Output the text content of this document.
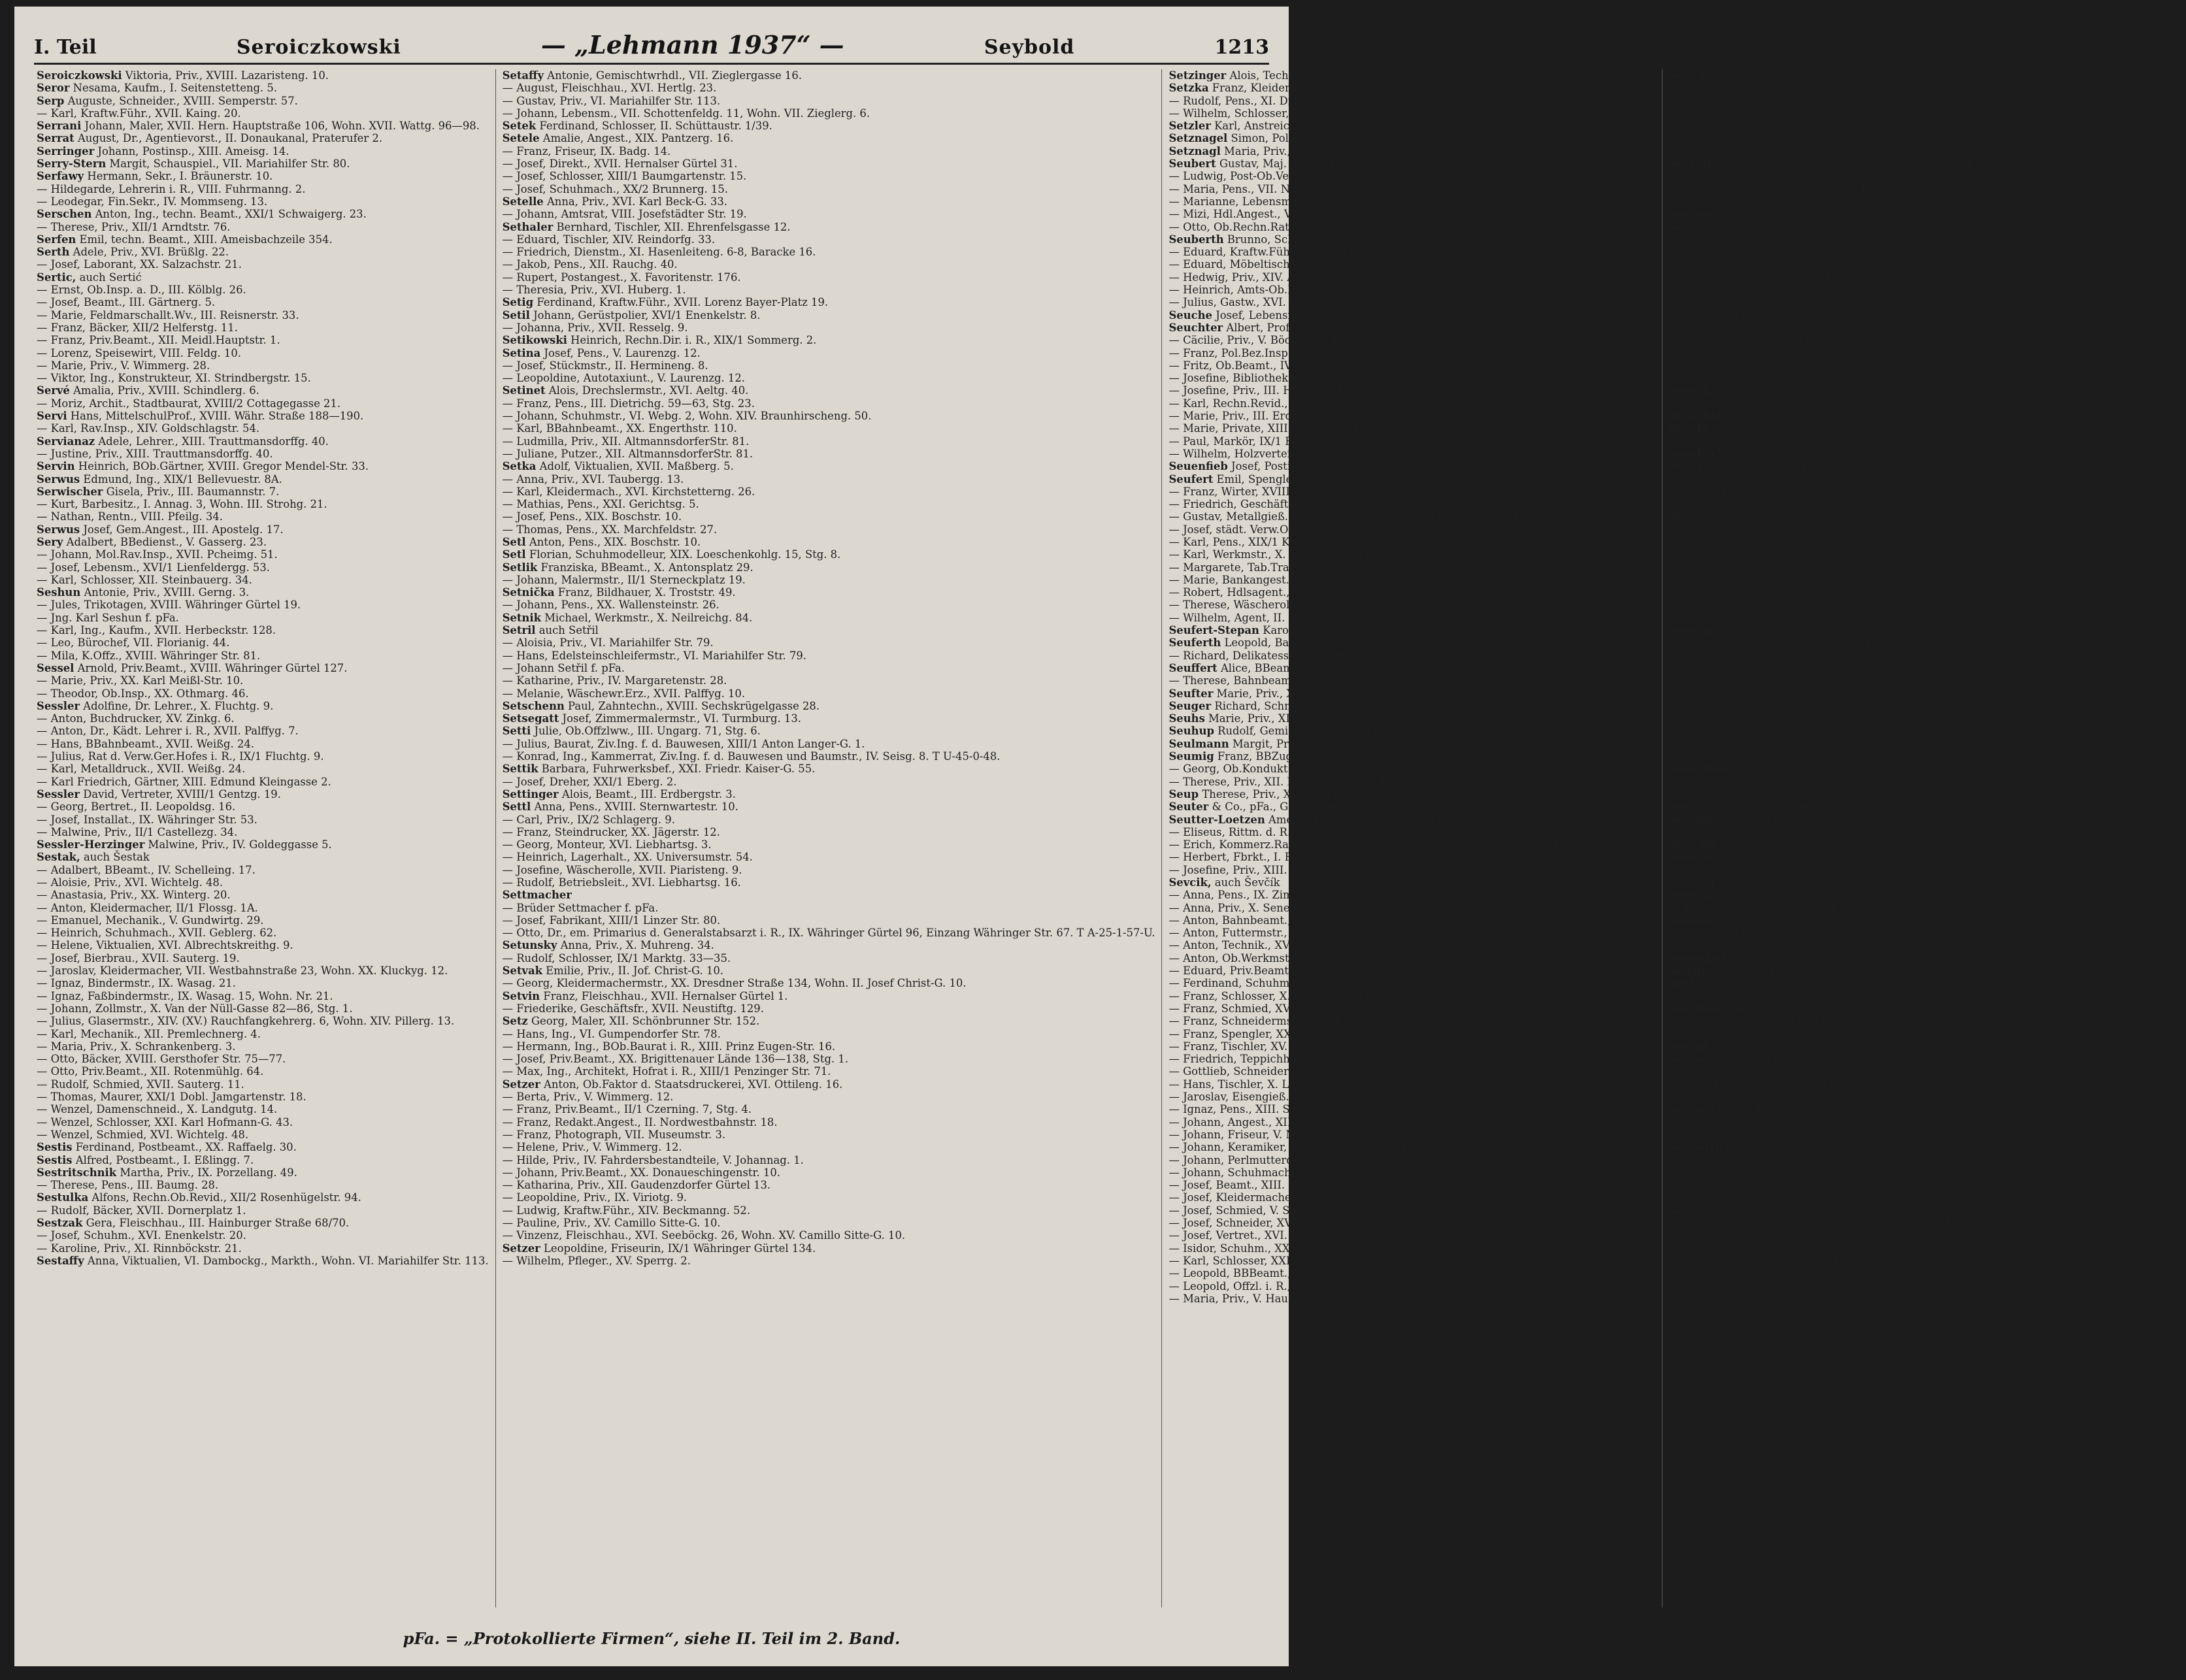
I. Teil	Seroiczkowski	— „Lehmann 1937“ —	Seybold	1213

Seroiczkowski Viktoria, Priv., XVIII. Lazaristeng. 10.

Seror Nesama, Kaufm., I. Seitenstetteng. 5.

Serp Auguste, Schneider., XVIII. Semperstr. 57.

— Karl, Kraftw.Führ., XVII. Kaing. 20.

Serrani Johann, Maler, XVII. Hern. Hauptstraße 106, Wohn. XVII. Wattg. 96—98.

Serrat August, Dr., Agentievorst., II. Donaukanal, Praterufer 2.

Serringer Johann, Postinsp., XIII. Ameisg. 14.

Serry-Stern Margit, Schauspiel., VII. Mariahilfer Str. 80.

Serfawy Hermann, Sekr., I. Bräunerstr. 10.

— Hildegarde, Lehrerin i. R., VIII. Fuhrmanng. 2.

— Leodegar, Fin.Sekr., IV. Mommseng. 13.

Serschen Anton, Ing., techn. Beamt., XXI/1 Schwaigerg. 23.

— Therese, Priv., XII/1 Arndtstr. 76.

Serfen Emil, techn. Beamt., XIII. Ameisbachzeile 354.

Serth Adele, Priv., XVI. Brüßlg. 22.

— Josef, Laborant, XX. Salzachstr. 21.

Sertic, auch Sertić

— Ernst, Ob.Insp. a. D., III. Kölblg. 26.

— Josef, Beamt., III. Gärtnerg. 5.

— Marie, Feldmarschallt.Wv., III. Reisnerstr. 33.

— Franz, Bäcker, XII/2 Helferstg. 11.

— Franz, Priv.Beamt., XII. Meidl.Hauptstr. 1.

— Lorenz, Speisewirt, VIII. Feldg. 10.

— Marie, Priv., V. Wimmerg. 28.

— Viktor, Ing., Konstrukteur, XI. Strindbergstr. 15.

Servé Amalia, Priv., XVIII. Schindlerg. 6.

— Moriz, Archit., Stadtbaurat, XVIII/2 Cottagegasse 21.

Servi Hans, MittelschulProf., XVIII. Währ. Straße 188—190.

— Karl, Rav.Insp., XIV. Goldschlagstr. 54.

Servianaz Adele, Lehrer., XIII. Trauttmansdorffg. 40.

— Justine, Priv., XIII. Trauttmansdorffg. 40.

Servin Heinrich, BOb.Gärtner, XVIII. Gregor Mendel-Str. 33.

Serwus Edmund, Ing., XIX/1 Bellevuestr. 8A.

Serwischer Gisela, Priv., III. Baumannstr. 7.

— Kurt, Barbesitz., I. Annag. 3, Wohn. III. Strohg. 21.

— Nathan, Rentn., VIII. Pfeilg. 34.

Serwus Josef, Gem.Angest., III. Apostelg. 17.

Sery Adalbert, BBedienst., V. Gasserg. 23.

— Johann, Mol.Rav.Insp., XVII. Pcheimg. 51.

— Josef, Lebensm., XVI/1 Lienfeldergg. 53.

— Karl, Schlosser, XII. Steinbauerg. 34.

Seshun Antonie, Priv., XVIII. Gerng. 3.

— Jules, Trikotagen, XVIII. Währinger Gürtel 19.

— Jng. Karl Seshun f. pFa.

— Karl, Ing., Kaufm., XVII. Herbeckstr. 128.

— Leo, Bürochef, VII. Florianig. 44.

— Mila, K.Offz., XVIII. Währinger Str. 81.

Sessel Arnold, Priv.Beamt., XVIII. Währinger Gürtel 127.

— Marie, Priv., XX. Karl Meißl-Str. 10.

— Theodor, Ob.Insp., XX. Othmarg. 46.

Sessler Adolfine, Dr. Lehrer., X. Fluchtg. 9.

— Anton, Buchdrucker, XV. Zinkg. 6.

— Anton, Dr., Kädt. Lehrer i. R., XVII. Palffyg. 7.

— Hans, BBahnbeamt., XVII. Weißg. 24.

— Julius, Rat d. Verw.Ger.Hofes i. R., IX/1 Fluchtg. 9.

— Karl, Metalldruck., XVII. Weißg. 24.

— Karl Friedrich, Gärtner, XIII. Edmund Kleingasse 2.

Sessler David, Vertreter, XVIII/1 Gentzg. 19.

— Georg, Bertret., II. Leopoldsg. 16.

— Josef, Installat., IX. Währinger Str. 53.

— Malwine, Priv., II/1 Castellezg. 34.

Sessler-Herzinger Malwine, Priv., IV. Goldeggasse 5.

Sestak, auch Šestak

— Adalbert, BBeamt., IV. Schelleing. 17.

— Aloisie, Priv., XVI. Wichtelg. 48.

— Anastasia, Priv., XX. Winterg. 20.

— Anton, Kleidermacher, II/1 Flossg. 1A.

— Emanuel, Mechanik., V. Gundwirtg. 29.

— Heinrich, Schuhmach., XVII. Geblerg. 62.

— Helene, Viktualien, XVI. Albrechtskreithg. 9.

— Josef, Bierbrau., XVII. Sauterg. 19.

— Jaroslav, Kleidermacher, VII. Westbahnstraße 23, Wohn. XX. Kluckyg. 12.

— Ignaz, Bindermstr., IX. Wasag. 21.

— Ignaz, Faßbindermstr., IX. Wasag. 15, Wohn. Nr. 21.

— Johann, Zollmstr., X. Van der Nüll-Gasse 82—86, Stg. 1.

— Julius, Glasermstr., XIV. (XV.) Rauchfangkehrerg. 6, Wohn. XIV. Pillerg. 13.

— Karl, Mechanik., XII. Premlechnerg. 4.

— Maria, Priv., X. Schrankenberg. 3.

— Otto, Bäcker, XVIII. Gersthofer Str. 75—77.

— Otto, Priv.Beamt., XII. Rotenmühlg. 64.

— Rudolf, Schmied, XVII. Sauterg. 11.

— Thomas, Maurer, XXI/1 Dobl. Jamgartenstr. 18.

— Wenzel, Damenschneid., X. Landgutg. 14.

— Wenzel, Schlosser, XXI. Karl Hofmann-G. 43.

— Wenzel, Schmied, XVI. Wichtelg. 48.

Sestis Ferdinand, Postbeamt., XX. Raffaelg. 30.

Sestis Alfred, Postbeamt., I. Eßlingg. 7.

Sestritschnik Martha, Priv., IX. Porzellang. 49.

— Therese, Pens., III. Baumg. 28.

Sestulka Alfons, Rechn.Ob.Revid., XII/2 Rosenhügelstr. 94.

— Rudolf, Bäcker, XVII. Dornerplatz 1.

Sestzak Gera, Fleischhau., III. Hainburger Straße 68/70.

— Josef, Schuhm., XVI. Enenkelstr. 20.

— Karoline, Priv., XI. Rinnböckstr. 21.

Sestaffy Anna, Viktualien, VI. Dambockg., Markth., Wohn. VI. Mariahilfer Str. 113.

Setaffy Antonie, Gemischtwrhdl., VII. Zieglergasse 16.

— August, Fleischhau., XVI. Hertlg. 23.

— Gustav, Priv., VI. Mariahilfer Str. 113.

— Johann, Lebensm., VII. Schottenfeldg. 11, Wohn. VII. Zieglerg. 6.

Setek Ferdinand, Schlosser, II. Schüttaustr. 1/39.

Setele Amalie, Angest., XIX. Pantzerg. 16.

— Franz, Friseur, IX. Badg. 14.

— Josef, Direkt., XVII. Hernalser Gürtel 31.

— Josef, Schlosser, XIII/1 Baumgartenstr. 15.

— Josef, Schuhmach., XX/2 Brunnerg. 15.

Setelle Anna, Priv., XVI. Karl Beck-G. 33.

— Johann, Amtsrat, VIII. Josefstädter Str. 19.

Sethaler Bernhard, Tischler, XII. Ehrenfelsgasse 12.

— Eduard, Tischler, XIV. Reindorfg. 33.

— Friedrich, Dienstm., XI. Hasenleiteng. 6-8, Baracke 16.

— Jakob, Pens., XII. Rauchg. 40.

— Rupert, Postangest., X. Favoritenstr. 176.

— Theresia, Priv., XVI. Huberg. 1.

Setig Ferdinand, Kraftw.Führ., XVII. Lorenz Bayer-Platz 19.

Setil Johann, Gerüstpolier, XVI/1 Enenkelstr. 8.

— Johanna, Priv., XVII. Resselg. 9.

Setikowski Heinrich, Rechn.Dir. i. R., XIX/1 Sommerg. 2.

Setina Josef, Pens., V. Laurenzg. 12.

— Josef, Stückmstr., II. Hermineng. 8.

— Leopoldine, Autotaxiunt., V. Laurenzg. 12.

Setinet Alois, Drechslermstr., XVI. Aeltg. 40.

— Franz, Pens., III. Dietrichg. 59—63, Stg. 23.

— Johann, Schuhmstr., VI. Webg. 2, Wohn. XIV. Braunhirscheng. 50.

— Karl, BBahnbeamt., XX. Engerthstr. 110.

— Ludmilla, Priv., XII. AltmannsdorferStr. 81.

— Juliane, Putzer., XII. AltmannsdorferStr. 81.

Setka Adolf, Viktualien, XVII. Maßberg. 5.

— Anna, Priv., XVI. Taubergg. 13.

— Karl, Kleidermach., XVI. Kirchstetterng. 26.

— Mathias, Pens., XXI. Gerichtsg. 5.

— Josef, Pens., XIX. Boschstr. 10.

— Thomas, Pens., XX. Marchfeldstr. 27.

Setl Anton, Pens., XIX. Boschstr. 10.

Setl Florian, Schuhmodelleur, XIX. Loeschenkohlg. 15, Stg. 8.

Setlik Franziska, BBeamt., X. Antonsplatz 29.

— Johann, Malermstr., II/1 Sterneckplatz 19.

Setnička Franz, Bildhauer, X. Troststr. 49.

— Johann, Pens., XX. Wallensteinstr. 26.

Setnik Michael, Werkmstr., X. Neilreichg. 84.

Setril auch Setřil

— Aloisia, Priv., VI. Mariahilfer Str. 79.

— Hans, Edelsteinschleifermstr., VI. Mariahilfer Str. 79.

— Johann Setřil f. pFa.

— Katharine, Priv., IV. Margaretenstr. 28.

— Melanie, Wäschewr.Erz., XVII. Palffyg. 10.

Setschenn Paul, Zahntechn., XVIII. Sechskrügelgasse 28.

Setsegatt Josef, Zimmermalermstr., VI. Turmburg. 13.

Setti Julie, Ob.Offzlww., III. Ungarg. 71, Stg. 6.

— Julius, Baurat, Ziv.Ing. f. d. Bauwesen, XIII/1 Anton Langer-G. 1.

— Konrad, Ing., Kammerrat, Ziv.Ing. f. d. Bauwesen und Baumstr., IV. Seisg. 8. T U-45-0-48.

Settik Barbara, Fuhrwerksbef., XXI. Friedr. Kaiser-G. 55.

— Josef, Dreher, XXI/1 Eberg. 2.

Settinger Alois, Beamt., III. Erdbergstr. 3.

Settl Anna, Pens., XVIII. Sternwartestr. 10.

— Carl, Priv., IX/2 Schlagerg. 9.

— Franz, Steindrucker, XX. Jägerstr. 12.

— Georg, Monteur, XVI. Liebhartsg. 3.

— Heinrich, Lagerhalt., XX. Universumstr. 54.

— Josefine, Wäscherolle, XVII. Piaristeng. 9.

— Rudolf, Betriebsleit., XVI. Liebhartsg. 16.

Settmacher

— Brüder Settmacher f. pFa.

— Josef, Fabrikant, XIII/1 Linzer Str. 80.

— Otto, Dr., em. Primarius d. Generalstabsarzt i. R., IX. Währinger Gürtel 96, Einzang Währinger Str. 67. T A-25-1-57-U.

Setunsky Anna, Priv., X. Muhreng. 34.

— Rudolf, Schlosser, IX/1 Marktg. 33—35.

Setvak Emilie, Priv., II. Jof. Christ-G. 10.

— Georg, Kleidermachermstr., XX. Dresdner Straße 134, Wohn. II. Josef Christ-G. 10.

Setvin Franz, Fleischhau., XVII. Hernalser Gürtel 1.

— Friederike, Geschäftsfr., XVII. Neustiftg. 129.

Setz Georg, Maler, XII. Schönbrunner Str. 152.

— Hans, Ing., VI. Gumpendorfer Str. 78.

— Hermann, Ing., BOb.Baurat i. R., XIII. Prinz Eugen-Str. 16.

— Josef, Priv.Beamt., XX. Brigittenauer Lände 136—138, Stg. 1.

— Max, Ing., Architekt, Hofrat i. R., XIII/1 Penzinger Str. 71.

Setzer Anton, Ob.Faktor d. Staatsdruckerei, XVI. Ottileng. 16.

— Berta, Priv., V. Wimmerg. 12.

— Franz, Priv.Beamt., II/1 Czerning. 7, Stg. 4.

— Franz, Redakt.Angest., II. Nordwestbahnstr. 18.

— Franz, Photograph, VII. Museumstr. 3.

— Helene, Priv., V. Wimmerg. 12.

— Hilde, Priv., IV. Fahrdersbestandteile, V. Johannag. 1.

— Johann, Priv.Beamt., XX. Donaueschingenstr. 10.

— Katharina, Priv., XII. Gaudenzdorfer Gürtel 13.

— Leopoldine, Priv., IX. Viriotg. 9.

— Ludwig, Kraftw.Führ., XIV. Beckmanng. 52.

— Pauline, Priv., XV. Camillo Sitte-G. 10.

— Vinzenz, Fleischhau., XVI. Seeböckg. 26, Wohn. XV. Camillo Sitte-G. 10.

Setzer Leopoldine, Friseurin, IX/1 Währinger Gürtel 134.

— Wilhelm, Pfleger., XV. Sperrg. 2.

Setzinger Alois, Technik., XII. Erlg. 20.

Setzka Franz, Kleidermacher, XIV. (XV.) Henriettenplatz 5.

— Rudolf, Pens., XI. Drischützg. 8.

— Wilhelm, Schlosser, XI. Drischützg. 8.

Setzler Karl, Anstreich., XVIII. Eduardg. 16.

Setznagel Simon, Pol.Rav.Insp., XVIII/1 Vinzenzg. 8.

Setznagl Maria, Priv., XIV. Sturzg. 16.

Seubert Gustav, Maj. d. R., VI. Neustiftg. 5.

— Ludwig, Post-Ob.Verw., XIX/1 Paradisg. 22.

— Maria, Pens., VII. Neustiftg. 58.

— Marianne, Lebensm., V. Gießaufg. 4.

— Mizi, Hdl.Angest., VII. Neubaug. 45.

— Otto, Ob.Rechn.Rat, XVIII. Lacknerg. 52.

Seuberth Brunno, Schauspiel., XIV. Arnsteingasse 16A.

— Eduard, Kraftw.Führ., V. Margaretenplatz 3.

— Eduard, Möbeltischler, XIV. Grimmg. 39.

— Hedwig, Priv., XIV. Arnsteing. 16A.

— Heinrich, Amts-Ob.Revid., VIII. Lerchenfelder Str. 78—80.

— Julius, Gastw., XVI. Ottakringer Str. 223.

Seuche Josef, Lebensm., III. Schlachthausg. 10.

Seuchter Albert, Prof., XII/2 Bahnzeile 41.

— Cäcilie, Priv., V. Böcklinstr. 4.

— Franz, Pol.Bez.Insp. i. R., XVII. Florianigasse 23.

— Fritz, Ob.Beamt., IV. Blechturmg. 10.

— Josefine, Bibliothekar., IX. Währinger Gürtel 112.

— Josefine, Priv., III. Hörnesg. 1.

— Karl, Rechn.Revid., VIII. Blindeng. 4.

— Marie, Priv., III. Erdberger Lände 12.

— Marie, Private, XIII. Sampog. 14.

— Paul, Markör, IX/1 Fuchsthallerg. 14.

— Wilhelm, Holzverteil., III. Bechardg. 2.

Seuenfieb Josef, Postinsp., II. Taborstr. 38.

Seufert Emil, Spengler, XIII. Lorningg. 1.

— Franz, Wirter, XVIII. Feuersteinweg 10.

— Friedrich, Geschäftsleiter, XIV. Koffg. 2.

— Gustav, Metallgieß., XIII. Breitenseer Straße 110—112, Stg. 1.

— Josef, städt. Verw.Ob.Kommiss., XVIII. Schumanng. 5.

— Karl, Pens., XIX/1 Krottenbachstr. 68.

— Karl, Werkmstr., X. Ernst Ludwig-G. 2.

— Margarete, Tab.Trafik, XVIII. Karl Beck-Gasse 8, Wohn. VIII. Gentzg. 7.

— Marie, Bankangest., XVIII. Czermakg. 6.

— Robert, Hdlsagent., XVI. Habicherg. 16.

— Therese, Wäscherolle, XIX/1 Krottenbachstr. 68.

— Wilhelm, Agent, II. Schmelzg. 11.

Seufert-Stepan Karoline, Priv., VII. Kaiserstraße 47.

Seuferth Leopold, Bandagist, VIII. Josefstädter Str. 60, Wohn. XVII. Hern. Hauptstr. 116.

— Richard, Delikatessen, XIX. Heiligenstädter Straße 159.

Seuffert Alice, BBeamt., II. Ob. Donaustr. 13.

— Therese, Bahnbeamt.Wv., II. Ob. Donaustraße 13.

Seufter Marie, Priv., XXI. Glattauergrund, Gr. 5, P. 21.

Seuger Richard, Schneider, XVII. Geblerg. 43.

Seuhs Marie, Priv., XII. Hetzendorfer Str. 106.

Seuhup Rudolf, Gemischtwrhdlg., XIV. Ullmannstr. 63.

Seulmann Margit, Priv., II. Gr. Schiffg. 11.

Seumig Franz, BBZugsführ., XII. Meidl. Hauptstr. 47.

— Georg, Ob.Kondukt., XX. Vorgartenstr. 75.

— Therese, Priv., XII. Meidl. Hauptstr. 47.

Seup Therese, Priv., XVIII/1 Theresieng. 15.

Seuter & Co., pFa., Galanteriew., IX/1 Peulinergasse 28.

Seutter-Loetzen Amélie, Fa.Gesellsch., Freiung 6.

— Eliseus, Rittm. d. R., III. Reisnerstr. 7.

— Erich, Kommerz.Rat d. Handelsstatist. Dienst., Fbrkt., III. Oetzeltg. 1.

— Herbert, Fbrkt., I. Freiung 6, Stg. 4.

— Josefine, Priv., XIII. Winz. Heß-G. 14.

Sevcik, auch Ševčík

— Anna, Pens., IX. Zimmermanng. 9.

— Anna, Priv., X. Senefelderg. 61—63.

— Anton, Bahnbeamt., XII/2 Haberlg. 33.

— Anton, Futtermstr., XI. 5. Landeng. 35.

— Anton, Technik., XVI. Herbststr. 34.

— Anton, Ob.Werkmstr., IV. Belvederg. 38.

— Eduard, Priv.Beamt., XVI. Gomperzg. 7, Stg. 31.

— Ferdinand, Schuhmach., XI. Felsg. 5.

— Franz, Schlosser, X. Van der Nüll-G. 64.

— Franz, Schmied, XVII. Hirschstettner Str. 11.

— Franz, Schneidermstr., XXI/1 Krang. 55.

— Franz, Spengler, XX. Vorgartenstr. 90.

— Franz, Tischler, XV. Vogelweidplatz 12.

— Friedrich, Teppichhdl., VII. Kaiserstr. 4.

— Gottlieb, Schneidermstr., XX. Nordbahnstraße 8.

— Hans, Tischler, X. Leibnizg. 50.

— Jaroslav, Eisengieß., XVI. Redtenbachg. 43.

— Ignaz, Pens., XIII. Spiegelgrundstr. 21.

— Johann, Angest., XII/1 Hütteldorfer Str. 39.

— Johann, Friseur, V. Margaretengürtel 12.

— Johann, Keramiker, XVIII. Hildebrandg. 10.

— Johann, Perlmutterdrechsl., XXI. Wildnergasse 17.

— Johann, Schuhmach., X. Leibnizg. 50.

— Josef, Beamt., XIII. Girzenbergg. 11.

— Josef, Kleidermacher, XVII. Ladnerg. 2.

— Josef, Schmied, V. Siebenbrunnerstr. 74.

— Josef, Schneider, XVI. Wichtelg. 69.

— Josef, Vertret., XVI. Roktanskyg. 5.

— Isidor, Schuhm., XX. Heistersg. 7.

— Karl, Schlosser, XXI. Malfattig. 24.

— Leopold, BBBeamt., IX. Friedr. Knauer-G. 4.

— Leopold, Offzl. i. R., X. Buchengg. 9.

— Maria, Priv., V. Hauslabg. 13.

Ševčík Marie, Blumenhdlg., XIV. Sechshauser Straße 1, Wohn. XX. Vorgartenstr. 74.

— Marie, Pens., XVII. Wattg. 60.

— Marie, Schneid., IV. Gr. Neug. 38.

— Rella, Pens., IX/2 Zimmermanng. 9.

— Robert, Pferdefleischhau., XVI. Fröbelg. 46.

— Vinzenz, Gärtner, XIII. Hollerg. 21.

— Wilhelm, Sportlehrer, X. Theodor Sickel-Gasse 16—20, Stg. 5.

Sevcsik Agnes, Sauerkraut, VII. Burgg. 78-80, Std. 124, Wohn. XVI. Hasnerstr. 45.

— Anna, Priv., XVI. Habelg. 34.

— Franz, Grünwr., XVI. Hasnerstr. 45.

— Rosalie, Priv., X. Jurstr. 31.

Sevcsovics Rudolf, Tischlermstr., III. Am Heumarkt 17, Wohn. XXI. Brünner Str. 189.

Sevecek, auch Ševeček

— Alois, Tischler, XVII. Haslingerg. 62.

— Anna, Montiererin, X. Dampfg. 23.

— Anastasia, Priv., X. Dampfg. 23.

— Franz, Elektromont., XVI. Beronikag. 5.

— Franz, Schneider, XIV. Illekg. 5.

— Franz, Schneidermstr., XVI. Beronikag. 25.

— Johann, Schneider, XVII. Haslingerg. 74.

— Johann, Schuhmacher, XIX. Muckenthalerweg 1.

— Josef, Straßenb., XX. Pater Abel-Platz 9.

— Leopold, Eisalbr., X. Dampfg. 23.

— Leopoldine, Priv., II. Sterneckplatz 13.

— Rudolf, Mechanik., X. Dampfg. 23.

Sevečka Franz, Schneidermstr., XIX. Schegargasse 8.

— Josef, Schneidermstr., XII/1 Fockyg. 30.

Sevečkel Apolonia, Priv., XX. Vorgartenstr. 72.

Sevela Franz, Dachdeck., XXI/1 Brünner Straße 52 B.

— Marie, Priv., XXI. Moltkeg. 15.

Sevelda Jakob, Kleidermachermstr., II/1 Volkertplatz 5.

Sever Albert, Lhptm. a. D., IX. Borschkeg. 1.

— Johann, städt. Ob.Rechn.Führ., XIII. Lenneisg. 7.

— Maria, Priv., XX. Däbl. Hauptstr. 17.

— Max, Mechaniker, VI. Mollardg. 48, Stg. 3.

Severa Alfred, Schriftsetz., XXI. Stadtrandsiedlg. Leopoldau, Teil II., Parz. 320.

— Anton, Werkmstr., V. Storkg. 7.

— August, Tapezier., XXI. Stadtrandsiedlg. 43, a. d. Breitenleer Str.

— Franz, Fleischhauermstr., XIII/1 Hütteldorfer Straße 217.

— Franz, Schneidermstr., XIV. Ullmannstr. 24.

— Franz, Straßb.Bedienst., III. Dietrichg. 36.

— Heinrich, Schuhmmstr., III. Dietrichg. 36.

— Josef, städt. Bedienst., XI. Strindbergg. 2.

— Wenzel, Maurer, XVI. Landstr. 12.

Severin Anna, Priv., III. Fasang. 39.

— Franz, MDr., Arzt, II. Gr. Schiffg. 17.

— Franz, Hotelbir. a. D., II. Odeong. 10.

— Franz, Priv.Beamt., XII. Altmannsdorfer Straße 43.

— sen. Josef, Beamt., II/1 Gr. Schiffg. 17.

— Josef, Schuhmmstr., XIX/1 Silberg. 30.

— Josef, Technik., XXI. Rußbergstr. 70.

— Josefine, Kleidermach., XVIII/1 Weigig. 15.

— Karl, Schuhmach., X. Davidg. 62.

— Karl, Tonkünstler, XVIII/1 Vinzenzg. 30.

— Marie, Priv., XVII. Beronikag. 4.

Severinski Anna, Dir.Wv., XVII. Pezzlg. 8.

— Nikolaus, Beamt., XVI/1 Brunnerg. 1.

— Olga, Beamt., XVII. Pezzlg. 8.

Sevi Domenico, Baupolier, IV. Belvederegasse 21.

Sewald Franz, Bäcker, X. Ernst Ludwig-G. 12.

— Laura, Priv., XIX/1 Perntnerg. 1—3.

Sewczik Alexander, JDr., Min.Rat i. R., XIV. Prinz Eugen-Str. 52.

Sewelda Rosa, Schneiderin, III. Keinerg. 16.

— Wilhelm, Priv., XXI. Freytagg. 8.

Seweler Marie, Hausw., XXI. Schenkendorfgasse 24.

Sewelka Hermine, Priv., V. Johannag. 17.

— Therese, Expedientin, XIII/1 Hütteldorfer Straße 111A.

Sewera Heinrich, Oberteilherricht., XI. Döblerhoffstr. 20.

— Johann, Magazineur, IX. Währinger Str. 46.

— Rosa, Priv., II. Taborstr. 27.

Seweskul Andreas, Pens., XIV. Illekg. 22.

Sewilla Paul, Lok.Führ., XI. Geiselbergstraße 20.

Sexl Ludwig, Priv.Beamt., X. Rieplstr. 8.

— Maria, Priv., III. Steinig. 8.

Sexlinger Georg, Rav.Insp., XVIII/1 Kutschkerg. 29.

— Hermann, Schuhmach., IX. Wiefeng. 14.

— Karl, Rav.Insp., XIV. Braunhirschg. 24.

Seybal Eduard, Schlosser, III. Weißgerber Lände 26.

Seybel Emil, Verw.Rat, I. Landhausg. 2.

— Fritz, Pens., XIII. Prinz Eugen-Str. 19.

— Otto, Dr., Chemik., III. Am Heumarkt 17.

— Wolfgang von, Priv., II. Rotenstern 17.

Seybert Franz, Drechsler, V. Wiedn. Hauptstraße 97.

— Josef, Goldarb., V. Wiedn. Hauptstr. 97.

— Karl, Drechsler, XII/1 Steinhageg. 3.

Seyberth Arnold, Taschnermstr., X. Favoritenstr. 147, Wohn. Nr. 159.

— Emmo, Priv., IV. Karolineng. 28.

— Rosalie, Schneid., X. Davidg. 22.

— Rudolf, Pens., XIX/1 Hartäckerstr. 60.

— Vera, Priv., IV. Karolineng. 28.

Seybold, siehe auch Geibold

— Egid, städt. Kanzl.Beamt., XXI/1 Jedleseer Str. 11.

— Karl, Pens., XVII. Klopstockg. 56.

— Rosalia, Priv., V. Stolberg. 13.

— Viktor, Schuhmmstr., XXI/1 Floridsdorfer Hauptstr. 46, Wohn. XXI. Schwemmädergasse 17.

pFa. = „Protokollierte Firmen“, siehe II. Teil im 2. Band.
